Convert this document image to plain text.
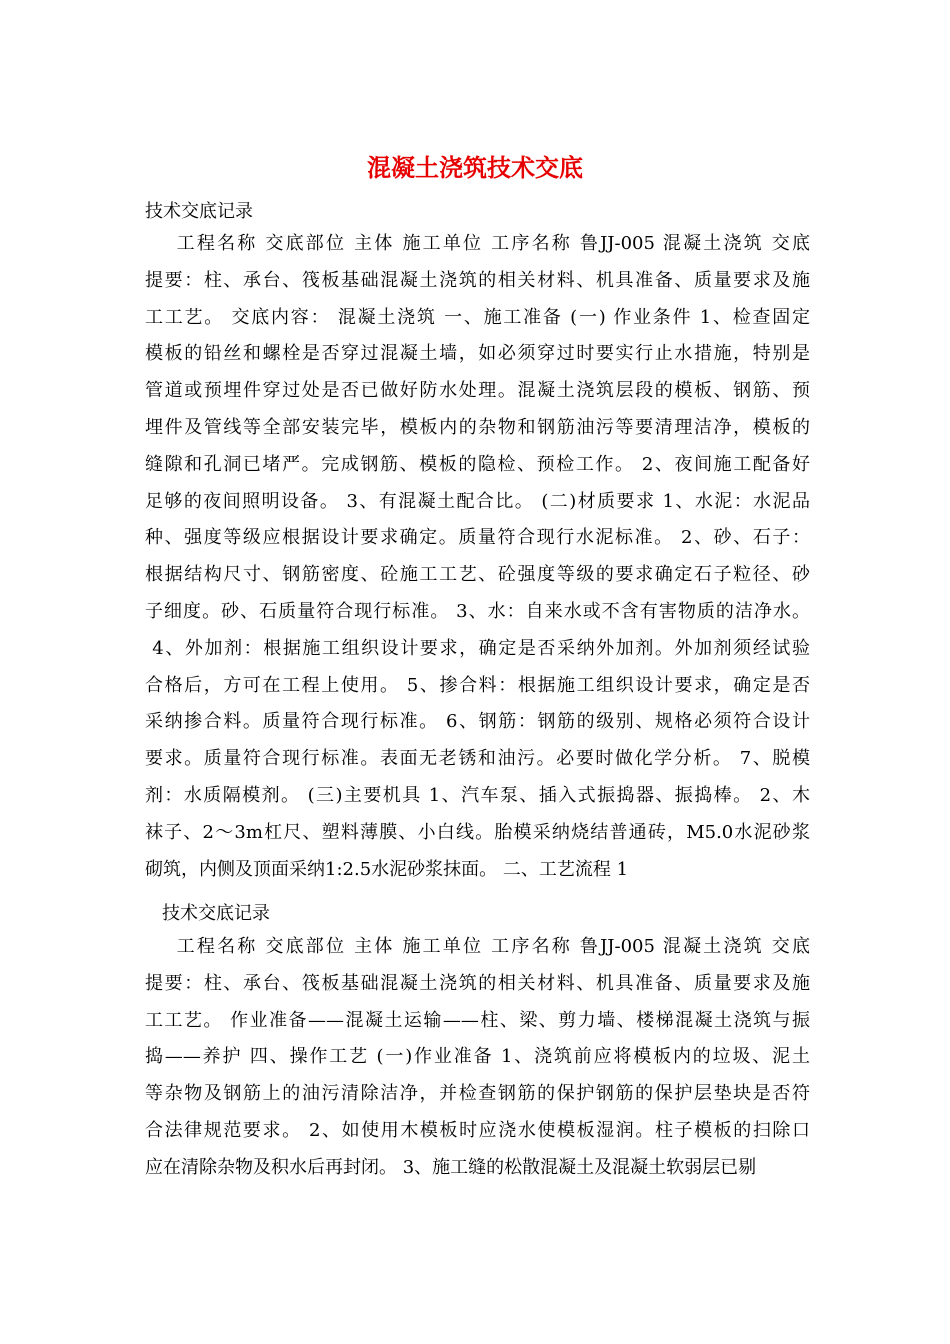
混凝土浇筑技术交底
技术交底记录
工程名称 交底部位 主体 施工单位 工序名称 鲁JJ-005 混凝土浇筑 交底
提要：柱、承台、筏板基础混凝土浇筑的相关材料、机具准备、质量要求及施
工工艺。 交底内容： 混凝土浇筑 一、施工准备 (一) 作业条件 1、检查固定
模板的铅丝和螺栓是否穿过混凝土墙，如必须穿过时要实行止水措施，特别是
管道或预埋件穿过处是否已做好防水处理。混凝土浇筑层段的模板、钢筋、预
埋件及管线等全部安装完毕，模板内的杂物和钢筋油污等要清理洁净，模板的
缝隙和孔洞已堵严。完成钢筋、模板的隐检、预检工作。 2、夜间施工配备好
足够的夜间照明设备。 3、有混凝土配合比。 (二)材质要求 1、水泥：水泥品
种、强度等级应根据设计要求确定。质量符合现行水泥标准。 2、砂、石子：
根据结构尺寸、钢筋密度、砼施工工艺、砼强度等级的要求确定石子粒径、砂
子细度。砂、石质量符合现行标准。 3、水：自来水或不含有害物质的洁净水。
4、外加剂：根据施工组织设计要求，确定是否采纳外加剂。外加剂须经试验
合格后，方可在工程上使用。 5、掺合料：根据施工组织设计要求，确定是否
采纳掺合料。质量符合现行标准。 6、钢筋：钢筋的级别、规格必须符合设计
要求。质量符合现行标准。表面无老锈和油污。必要时做化学分析。 7、脱模
剂：水质隔模剂。 (三)主要机具 1、汽车泵、插入式振捣器、振捣棒。 2、木
袜子、2～3m杠尺、塑料薄膜、小白线。胎模采纳烧结普通砖，M5.0水泥砂浆
砌筑，内侧及顶面采纳1:2.5水泥砂浆抹面。 二、工艺流程 1
技术交底记录
工程名称 交底部位 主体 施工单位 工序名称 鲁JJ-005 混凝土浇筑 交底
提要：柱、承台、筏板基础混凝土浇筑的相关材料、机具准备、质量要求及施
工工艺。 作业准备——混凝土运输——柱、梁、剪力墙、楼梯混凝土浇筑与振
捣——养护 四、操作工艺 (一)作业准备 1、浇筑前应将模板内的垃圾、泥土
等杂物及钢筋上的油污清除洁净，并检查钢筋的保护钢筋的保护层垫块是否符
合法律规范要求。 2、如使用木模板时应浇水使模板湿润。柱子模板的扫除口
应在清除杂物及积水后再封闭。 3、施工缝的松散混凝土及混凝土软弱层已剔
